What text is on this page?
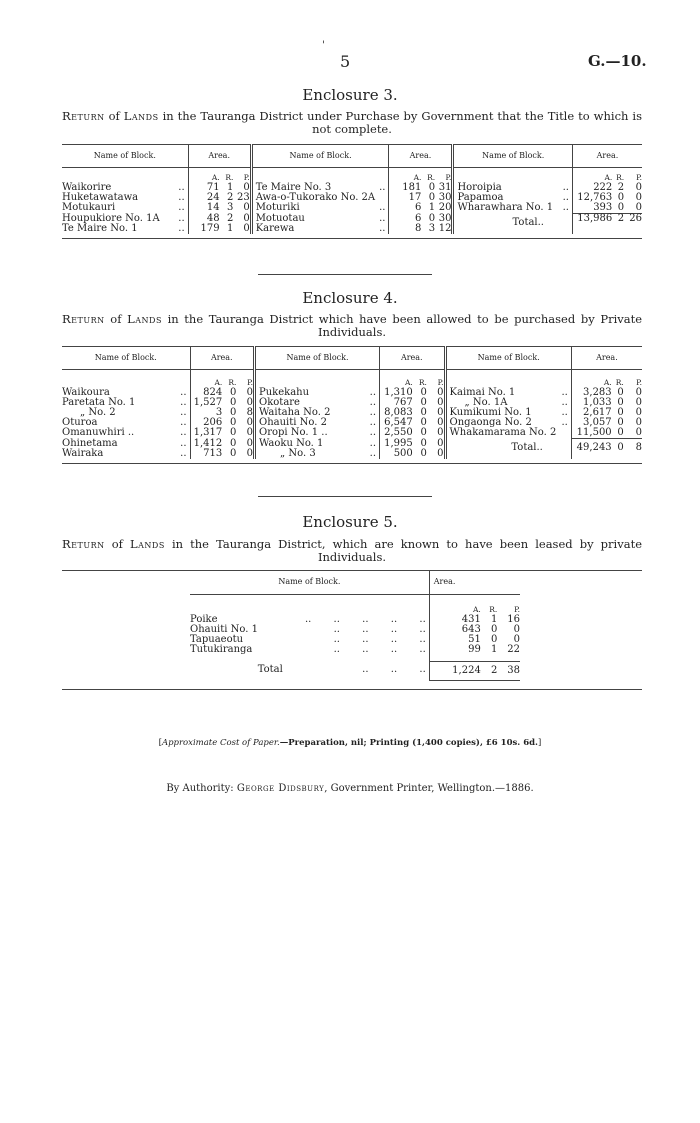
'
5	G.—10.
Enclosure 3.
Return of Lands in the Tauranga District under Purchase by Government that the Title to which is not complete.
Name of Block.		Area.			Name of Block.		Area.			Name of Block.		Area.		
		A.	R.	P.			A.	R.	P.			A.	R.	P.
Waikorire	..	71	1	0	Te Maire No. 3	..	181	0	31	Horoipia	..	222	2	0
Huketawatawa	..	24	2	23	Awa-o-Tukorako No. 2A		17	0	30	Papamoa	..	12,763	0	0
Motukauri	..	14	3	0	Moturiki	..	6	1	20	Wharawhara No. 1	..	393	0	0
Houpukiore No. 1A	..	48	2	0	Motuotau	..	6	0	30	Total..		13,986	2	26
Te Maire No. 1	..	179	1	0	Karewa	..	8	3	12					

Enclosure 4.
Return of Lands in the Tauranga District which have been allowed to be purchased by Private Individuals.
Name of Block.		Area.			Name of Block.		Area.			Name of Block.		Area.		
		A.	R.	P.			A.	R.	P.			A.	R.	P.
Waikoura	..	824	0	0	Pukekahu	..	1,310	0	0	Kaimai No. 1	..	3,283	0	0
Paretata No. 1	..	1,527	0	0	Okotare	..	767	0	0	„ No. 1A	..	1,033	0	0
„ No. 2	..	3	0	8	Waitaha No. 2	..	8,083	0	0	Kumikumi No. 1	..	2,617	0	0
Oturoa	..	206	0	0	Ohauiti No. 2	..	6,547	0	0	Ongaonga No. 2	..	3,057	0	0
Omanuwhiri ..	..	1,317	0	0	Oropi No. 1 ..	..	2,550	0	0	Whakamarama No. 2		11,500	0	0
Ohinetama	..	1,412	0	0	Waoku No. 1	..	1,995	0	0	Total..		49,243	0	8

Wairaka	..	713	0	0	„ No. 3	..	500	0	0					

Enclosure 5.
Return of Lands in the Tauranga District, which are known to have been leased by private Individuals.
Name of Block.		Area.		
		A.	R.	P.
Poike	..       ..       ..       ..       ..	431	1	16
Ohauiti No. 1	..       ..       ..       ..	643	0	0
Tapuaeotu	..       ..       ..       ..	51	0	0
Tutukiranga	..       ..       ..       ..	99	1	22

Total	..       ..       ..	1,224	2	38

[Approximate Cost of Paper.—Preparation, nil; Printing (1,400 copies), £6 10s. 6d.]
By Authority: George Didsbury, Government Printer, Wellington.—1886.
